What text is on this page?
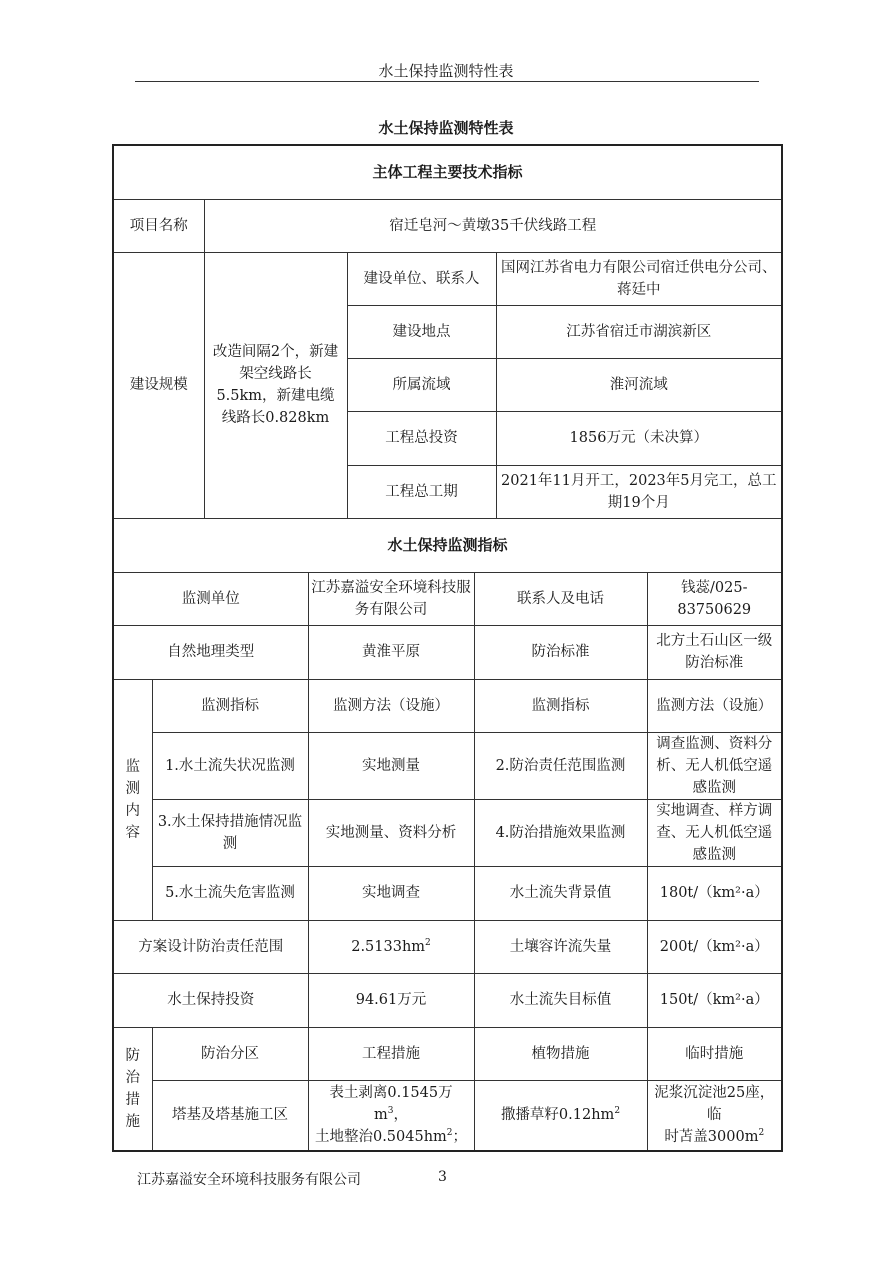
水土保持监测特性表
水土保持监测特性表
主体工程主要技术指标							
项目名称		宿迁皂河～黄墩35千伏线路工程					
建设规模		改造间隔2个，新建架空线路长5.5km，新建电缆线路长0.828km		建设单位、联系人		国网江苏省电力有限公司宿迁供电分公司、蒋廷中	
				建设地点		江苏省宿迁市湖滨新区	
				所属流域		淮河流域	
				工程总投资		1856万元（未决算）	
				工程总工期		2021年11月开工，2023年5月完工，总工期19个月	
水土保持监测指标							
监测单位			江苏嘉溢安全环境科技服务有限公司		联系人及电话		钱蕊/025-83750629
自然地理类型			黄淮平原		防治标准		北方土石山区一级防治标准
监
测
内
容	监测指标		监测方法（设施）		监测指标		监测方法（设施）
	1.水土流失状况监测		实地测量		2.防治责任范围监测		调查监测、资料分析、无人机低空遥感监测
	3.水土保持措施情况监测		实地测量、资料分析		4.防治措施效果监测		实地调查、样方调查、无人机低空遥感监测
	5.水土流失危害监测		实地调查		水土流失背景值		180t/（km²·a）
方案设计防治责任范围			$2.5133hm^2$		土壤容许流失量		200t/（km²·a）
水土保持投资			94.61万元		水土流失目标值		150t/（km²·a）
防
治
措
施	防治分区		工程措施		植物措施		临时措施
	塔基及塔基施工区		表土剥离0.1545万
$m^3$，
土地整治$0.5045hm^2$；		撒播草籽$0.12hm^2$		泥浆沉淀池25座，临
时苫盖$3000m^2$
江苏嘉溢安全环境科技服务有限公司	3
